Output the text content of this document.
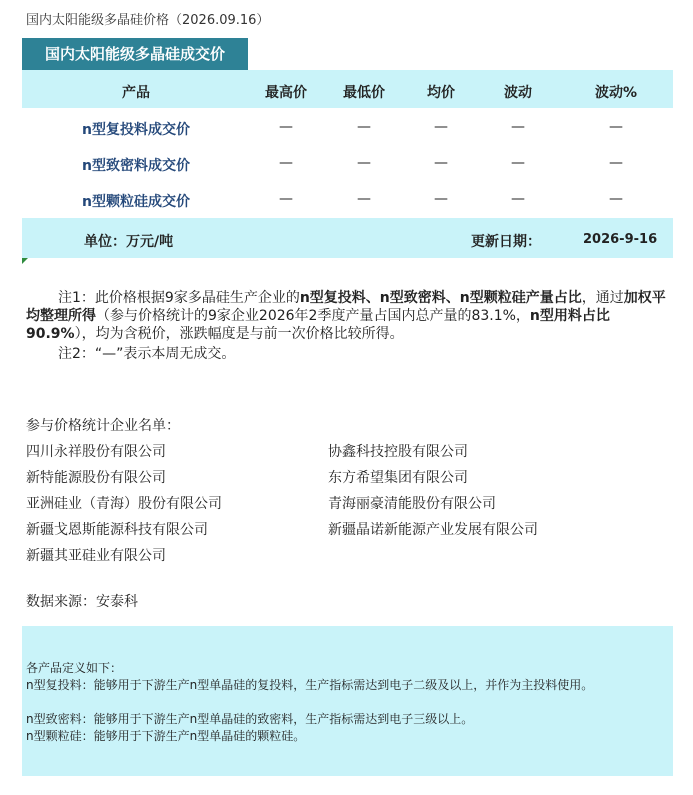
国内太阳能级多晶硅价格（2026.09.16）
国内太阳能级多晶硅成交价
产品	最高价	最低价	均价	波动	波动%
n型复投料成交价	—	—	—	—	—
n型致密料成交价	—	—	—	—	—
n型颗粒硅成交价	—	—	—	—	—
单位：万元/吨	更新日期：	2026-9-16
注1：此价格根据9家多晶硅生产企业的n型复投料、n型致密料、n型颗粒硅产量占比，通过加权平均整理所得（参与价格统计的9家企业2026年2季度产量占国内总产量的83.1%，n型用料占比90.9%），均为含税价，涨跌幅度是与前一次价格比较所得。
注2：“—”表示本周无成交。
参与价格统计企业名单：
四川永祥股份有限公司
新特能源股份有限公司
亚洲硅业（青海）股份有限公司
新疆戈恩斯能源科技有限公司
新疆其亚硅业有限公司
协鑫科技控股有限公司
东方希望集团有限公司
青海丽豪清能股份有限公司
新疆晶诺新能源产业发展有限公司
数据来源：安泰科
各产品定义如下：
n型复投料：能够用于下游生产n型单晶硅的复投料，生产指标需达到电子二级及以上，并作为主投料使用。
n型致密料：能够用于下游生产n型单晶硅的致密料，生产指标需达到电子三级以上。
n型颗粒硅：能够用于下游生产n型单晶硅的颗粒硅。
